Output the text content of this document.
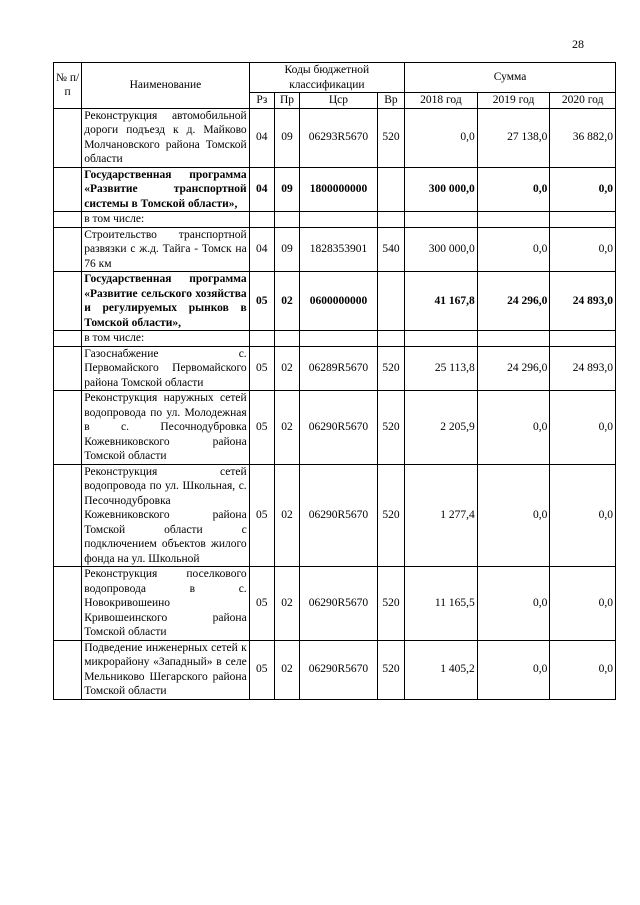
28
№ п/п	Наименование	Коды бюджетной классификации				Сумма		
		Рз	Пр	Цср	Вр	2018 год	2019 год	2020 год
	Реконструкция автомобильной дороги подъезд к д. Майково Молчановского района Томской области	04	09	06293R5670	520	0,0	27 138,0	36 882,0
	Государственная программа «Развитие транспортной системы в Томской области»,	04	09	1800000000		300 000,0	0,0	0,0
	в том числе:							
	Строительство транспортной развязки с ж.д. Тайга - Томск на 76 км	04	09	1828353901	540	300 000,0	0,0	0,0
	Государственная программа «Развитие сельского хозяйства и регулируемых рынков в Томской области»,	05	02	0600000000		41 167,8	24 296,0	24 893,0
	в том числе:							
	Газоснабжение с. Первомайского Первомайского района Томской области	05	02	06289R5670	520	25 113,8	24 296,0	24 893,0
	Реконструкция наружных сетей водопровода по ул. Молодежная в с. Песочнодубровка Кожевниковского района Томской области	05	02	06290R5670	520	2 205,9	0,0	0,0
	Реконструкция сетей водопровода по ул. Школьная, с. Песочнодубровка Кожевниковского района Томской области с подключением объектов жилого фонда на ул. Школьной	05	02	06290R5670	520	1 277,4	0,0	0,0
	Реконструкция поселкового водопровода в с. Новокривошеино Кривошеинского района Томской области	05	02	06290R5670	520	11 165,5	0,0	0,0
	Подведение инженерных сетей к микрорайону «Западный» в селе Мельниково Шегарского района Томской области	05	02	06290R5670	520	1 405,2	0,0	0,0
